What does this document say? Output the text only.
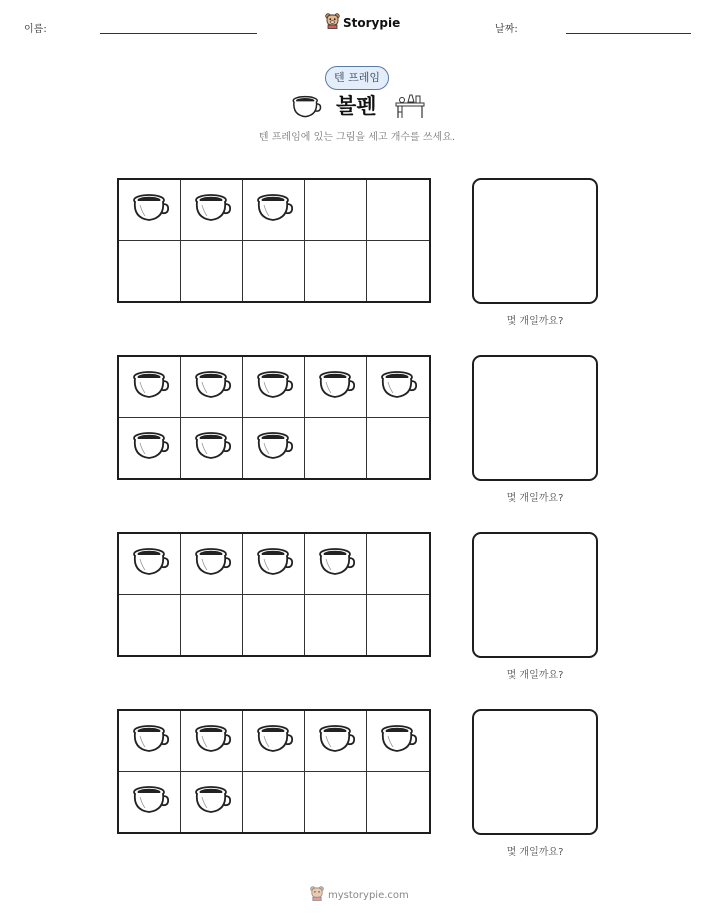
이름:	Storypie	날짜:
텐 프레임
볼펜
텐 프레임에 있는 그림을 세고 개수를 쓰세요.
몇 개일까요?
몇 개일까요?
몇 개일까요?
몇 개일까요?
mystorypie.com
